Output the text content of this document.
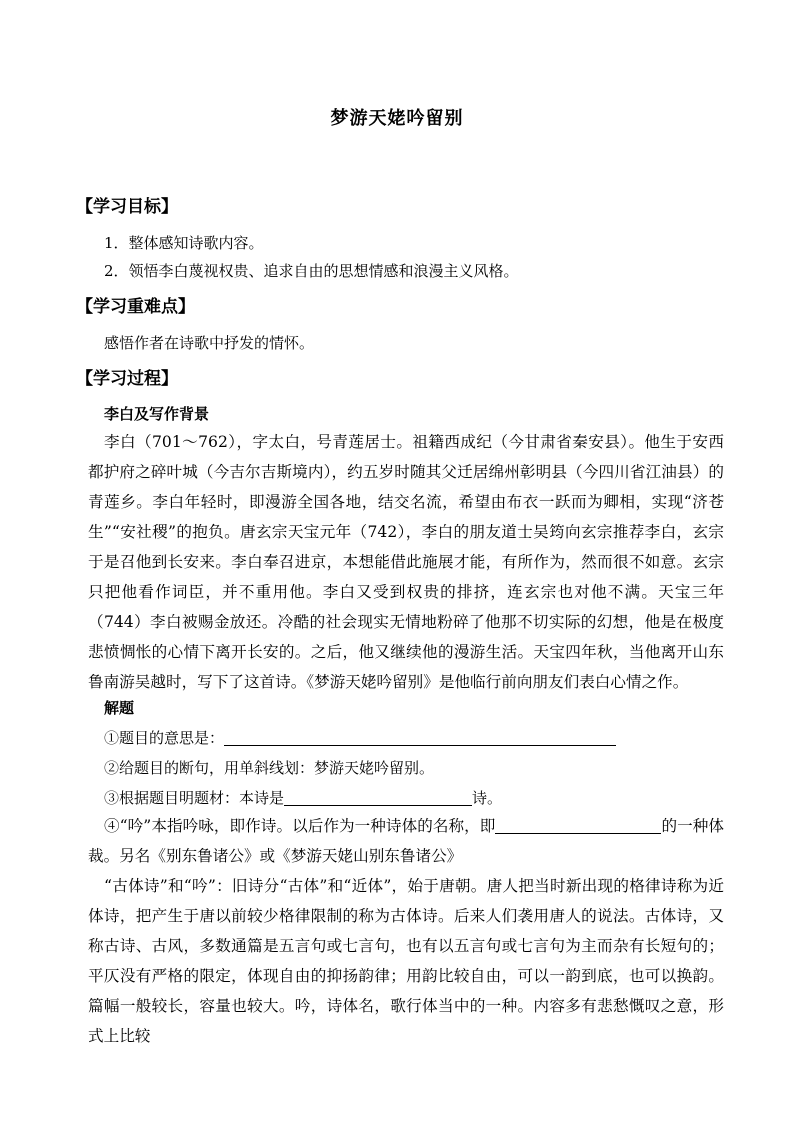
梦游天姥吟留别
【学习目标】
1．整体感知诗歌内容。
2．领悟李白蔑视权贵、追求自由的思想情感和浪漫主义风格。
【学习重难点】
感悟作者在诗歌中抒发的情怀。
【学习过程】
李白及写作背景
李白（701～762），字太白，号青莲居士。祖籍西成纪（今甘肃省秦安县）。他生于安西都护府之碎叶城（今吉尔吉斯境内），约五岁时随其父迁居绵州彰明县（今四川省江油县）的青莲乡。李白年轻时，即漫游全国各地，结交名流，希望由布衣一跃而为卿相，实现“济苍生”“安社稷”的抱负。唐玄宗天宝元年（742），李白的朋友道士吴筠向玄宗推荐李白，玄宗于是召他到长安来。李白奉召进京，本想能借此施展才能，有所作为，然而很不如意。玄宗只把他看作词臣，并不重用他。李白又受到权贵的排挤，连玄宗也对他不满。天宝三年（744）李白被赐金放还。冷酷的社会现实无情地粉碎了他那不切实际的幻想，他是在极度悲愤惆怅的心情下离开长安的。之后，他又继续他的漫游生活。天宝四年秋，当他离开山东鲁南游吴越时，写下了这首诗。《梦游天姥吟留别》是他临行前向朋友们表白心情之作。
解题
①题目的意思是：
②给题目的断句，用单斜线划：梦游天姥吟留别。
③根据题目明题材：本诗是	诗。
④“吟”本指吟咏，即作诗。以后作为一种诗体的名称，即	的一种体裁。另名《别东鲁诸公》或《梦游天姥山别东鲁诸公》
“古体诗”和“吟”：旧诗分“古体”和“近体”，始于唐朝。唐人把当时新出现的格律诗称为近体诗，把产生于唐以前较少格律限制的称为古体诗。后来人们袭用唐人的说法。古体诗，又称古诗、古风，多数通篇是五言句或七言句，也有以五言句或七言句为主而杂有长短句的；平仄没有严格的限定，体现自由的抑扬韵律；用韵比较自由，可以一韵到底，也可以换韵。篇幅一般较长，容量也较大。吟，诗体名，歌行体当中的一种。内容多有悲愁慨叹之意，形式上比较
